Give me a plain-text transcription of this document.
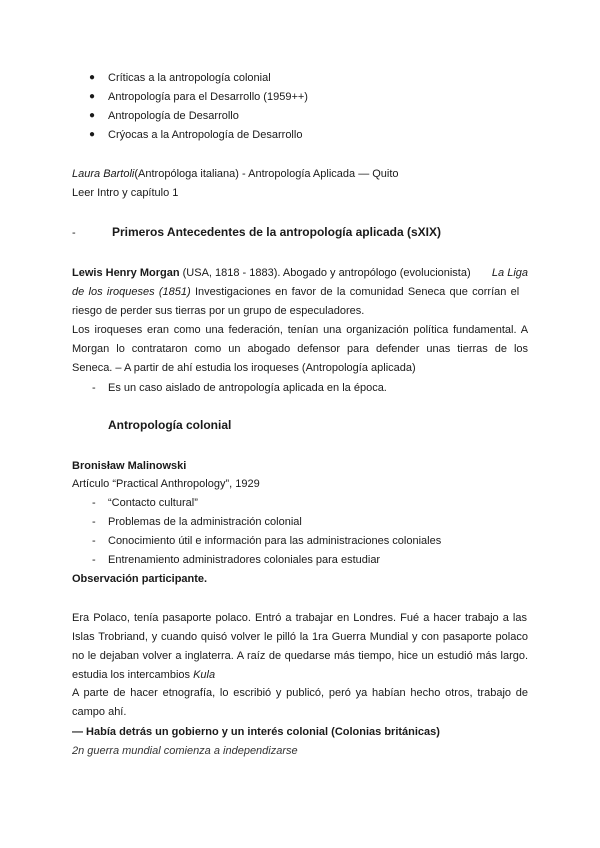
● Críticas a la antropología colonial
● Antropología para el Desarrollo (1959++)
● Antropología de Desarrollo
● Crýocas a la Antropología de Desarrollo
Laura Bartoli(Antropóloga italiana) - Antropología Aplicada — Quito
Leer Intro y capítulo 1
-	Primeros Antecedentes de la antropología aplicada (sXIX)
Lewis Henry Morgan (USA, 1818 - 1883). Abogado y antropólogo (evolucionista) La Liga
de los iroqueses (1851) Investigaciones en favor de la comunidad Seneca que corrían el
riesgo de perder sus tierras por un grupo de especuladores.
Los iroqueses eran como una federación, tenían una organización política fundamental. A
Morgan lo contrataron como un abogado defensor para defender unas tierras de los
Seneca. – A partir de ahí estudia los iroqueses (Antropología aplicada)
- Es un caso aislado de antropología aplicada en la época.
Antropología colonial
Bronisław Malinowski
Artículo “Practical Anthropology”, 1929
- “Contacto cultural”
- Problemas de la administración colonial
- Conocimiento útil e información para las administraciones coloniales
- Entrenamiento administradores coloniales para estudiar
Observación participante.
Era Polaco, tenía pasaporte polaco. Entró a trabajar en Londres. Fué a hacer trabajo a las
Islas Trobriand, y cuando quisó volver le pilló la 1ra Guerra Mundial y con pasaporte polaco
no le dejaban volver a inglaterra. A raíz de quedarse más tiempo, hice un estudió más largo.
estudia los intercambios Kula
A parte de hacer etnografía, lo escribió y publicó, peró ya habían hecho otros, trabajo de
campo ahí.
— Había detrás un gobierno y un interés colonial (Colonias británicas)
2n guerra mundial comienza a independizarse
